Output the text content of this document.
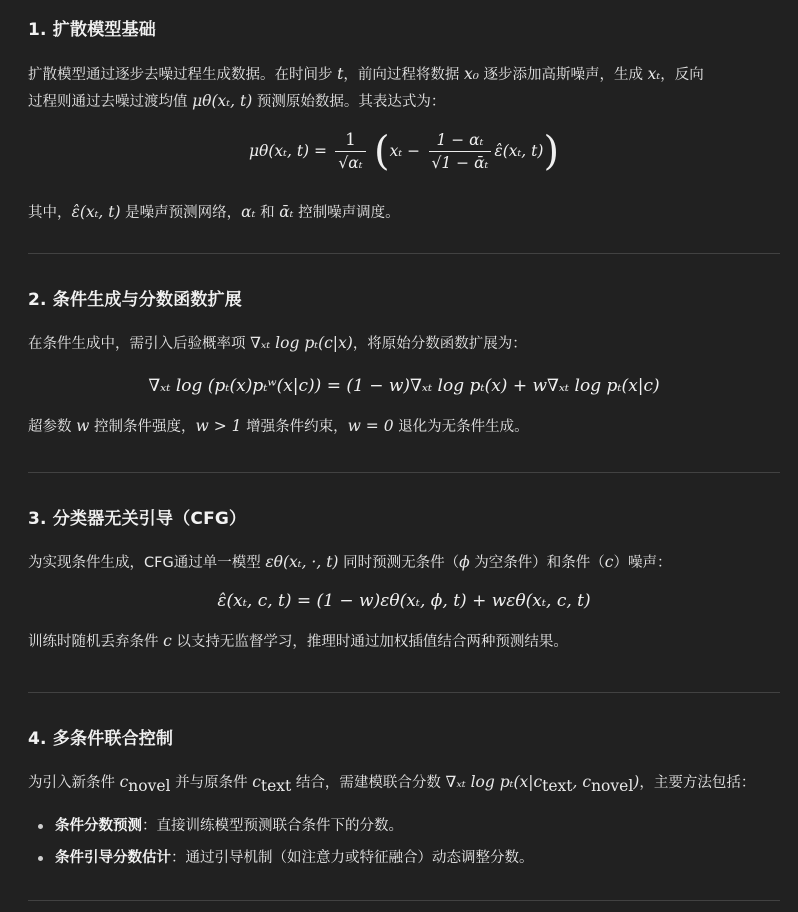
1. 扩散模型基础

扩散模型通过逐步去噪过程生成数据。在时间步 t，前向过程将数据 x₀ 逐步添加高斯噪声，生成 xₜ，反向
过程则通过去噪过渡均值 μθ(xₜ, t) 预测原始数据。其表达式为：

μθ(xₜ, $t) = \frac{1}{\text{√αₜ}} (x_t - \frac{\text{1 − αₜ}}{\text{√1 − ᾱₜ}}$ ε̂(xₜ, t))

其中，ε̂(xₜ, t) 是噪声预测网络，αₜ 和 ᾱₜ 控制噪声调度。

2. 条件生成与分数函数扩展

在条件生成中，需引入后验概率项 ∇ₓₜ log pₜ(c|x)，将原始分数函数扩展为：

∇ₓₜ log (pₜ(x)pₜʷ(x|c)) = (1 − w)∇ₓₜ log pₜ(x) + w∇ₓₜ log pₜ(x|c)

超参数 w 控制条件强度，w > 1 增强条件约束，w = 0 退化为无条件生成。

3. 分类器无关引导（CFG）

为实现条件生成，CFG通过单一模型 εθ(xₜ, ·, t) 同时预测无条件（ϕ 为空条件）和条件（c）噪声：

ε̂(xₜ, c, t) = (1 − w)εθ(xₜ, ϕ, t) + wεθ(xₜ, c, t)

训练时随机丢弃条件 c 以支持无监督学习，推理时通过加权插值结合两种预测结果。

4. 多条件联合控制

为引入新条件 $c_{novel}$ 并与原条件 $c_{text}$ 结合，需建模联合分数 ∇ₓₜ $\log p_t(x|c_{text}$, $c_{novel}$)，主要方法包括：

条件分数预测：直接训练模型预测联合条件下的分数。
条件引导分数估计：通过引导机制（如注意力或特征融合）动态调整分数。
